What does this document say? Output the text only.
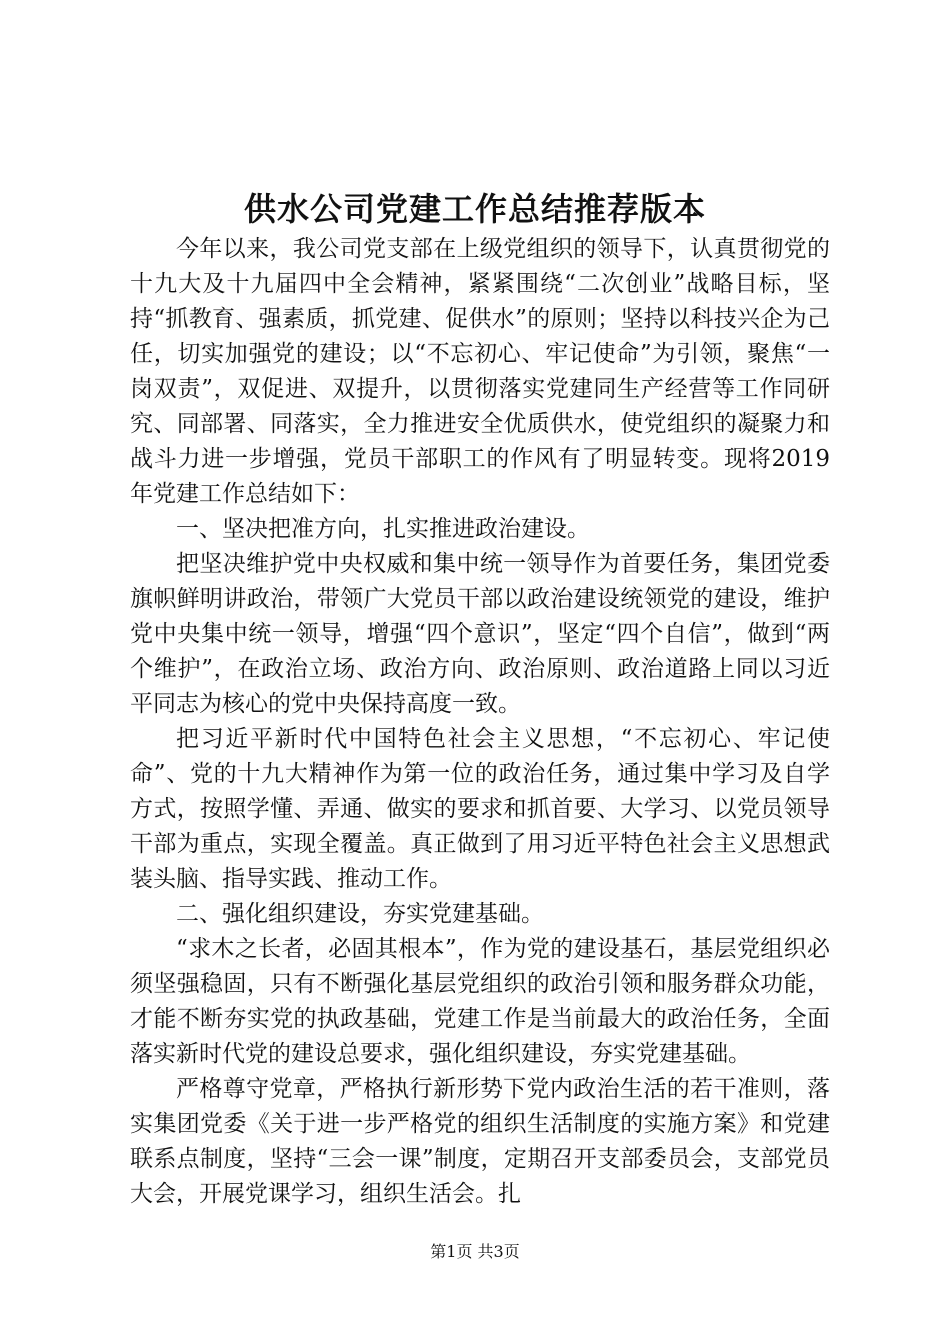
供水公司党建工作总结推荐版本

今年以来，我公司党支部在上级党组织的领导下，认真贯彻党的十九大及十九届四中全会精神，紧紧围绕“二次创业”战略目标，坚持“抓教育、强素质，抓党建、促供水”的原则；坚持以科技兴企为己任，切实加强党的建设；以“不忘初心、牢记使命”为引领，聚焦“一岗双责”，双促进、双提升，以贯彻落实党建同生产经营等工作同研究、同部署、同落实，全力推进安全优质供水，使党组织的凝聚力和战斗力进一步增强，党员干部职工的作风有了明显转变。现将2019年党建工作总结如下：

一、坚决把准方向，扎实推进政治建设。

把坚决维护党中央权威和集中统一领导作为首要任务，集团党委旗帜鲜明讲政治，带领广大党员干部以政治建设统领党的建设，维护党中央集中统一领导，增强“四个意识”，坚定“四个自信”，做到“两个维护”，在政治立场、政治方向、政治原则、政治道路上同以习近平同志为核心的党中央保持高度一致。

把习近平新时代中国特色社会主义思想，“不忘初心、牢记使命”、党的十九大精神作为第一位的政治任务，通过集中学习及自学方式，按照学懂、弄通、做实的要求和抓首要、大学习、以党员领导干部为重点，实现全覆盖。真正做到了用习近平特色社会主义思想武装头脑、指导实践、推动工作。

二、强化组织建设，夯实党建基础。

“求木之长者，必固其根本”，作为党的建设基石，基层党组织必须坚强稳固，只有不断强化基层党组织的政治引领和服务群众功能，才能不断夯实党的执政基础，党建工作是当前最大的政治任务，全面落实新时代党的建设总要求，强化组织建设，夯实党建基础。

严格尊守党章，严格执行新形势下党内政治生活的若干准则，落实集团党委《关于进一步严格党的组织生活制度的实施方案》和党建联系点制度，坚持“三会一课”制度，定期召开支部委员会，支部党员大会，开展党课学习，组织生活会。扎

第1页 共3页
